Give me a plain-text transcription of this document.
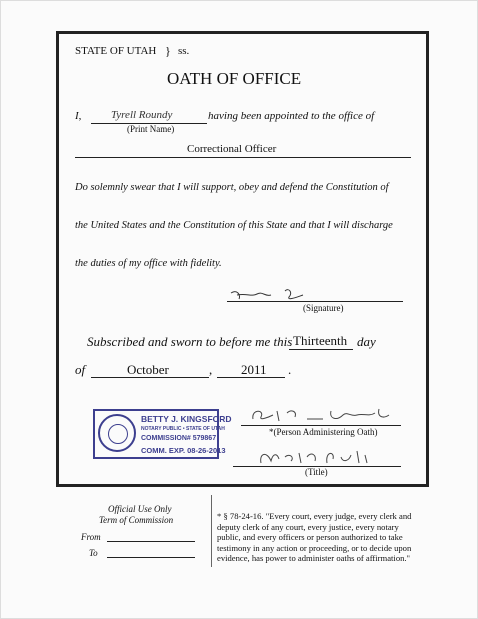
STATE OF UTAH } ss.
OATH OF OFFICE
I,	Tyrell Roundy	having been appointed to the office of
(Print Name)
Correctional Officer
Do solemnly swear that I will support, obey and defend the Constitution of
the United States and the Constitution of this State and that I will discharge
the duties of my office with fidelity.
(Signature)
Subscribed and sworn to before me this Thirteenth day
of	October	, 2011 .
BETTY J. KINGSFORD
NOTARY PUBLIC • STATE OF UTAH
COMMISSION# 579867
COMM. EXP. 08-26-2013
*(Person Administering Oath)
(Title)
Official Use Only
Term of Commission
From
To
* § 78-24-16. "Every court, every judge, every clerk and deputy clerk of any court, every justice, every notary public, and every officers or person authorized to take testimony in any action or proceeding, or to decide upon evidence, has power to administer oaths of affirmation."
